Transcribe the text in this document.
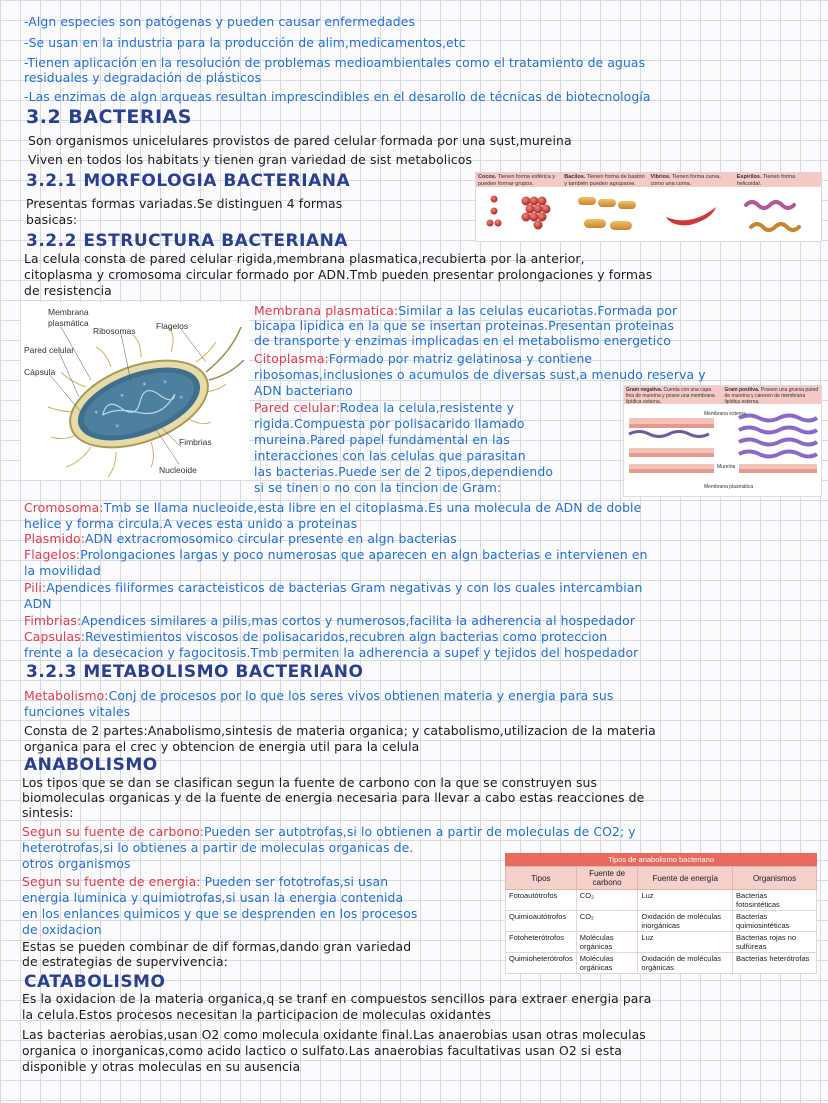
-Algn especies son patógenas y pueden causar enfermedades
-Se usan en la industria para la producción de alim,medicamentos,etc
-Tienen aplicación en la resolución de problemas medioambientales como el tratamiento de aguas
residuales y degradación de plásticos
-Las enzimas de algn arqueas resultan imprescindibles en el desarollo de técnicas de biotecnología
3.2 BACTERIAS
Son organismos unicelulares provistos de pared celular formada por una sust,mureina
Viven en todos los habitats y tienen gran variedad de sist metabolicos
3.2.1 MORFOLOGIA BACTERIANA
Presentas formas variadas.Se distinguen 4 formas
basicas:
Cocos. Tienen forma esférica y pueden formar grupos.
Bacilos. Tienen forma de bastón y también pueden agruparse.
Vibrios. Tienen forma curva, como una coma.
Espirilos. Tienen forma helicoidal.
3.2.2 ESTRUCTURA BACTERIANA
La celula consta de pared celular rigida,membrana plasmatica,recubierta por la anterior,
citoplasma y cromosoma circular formado por ADN.Tmb pueden presentar prolongaciones y formas
de resistencia
Membrana
plasmática
Ribosomas Flagelos
Pared celular
Cápsula
Fimbrias
Nucleoide
Membrana plasmatica:Similar a las celulas eucariotas.Formada por
bicapa lipidica en la que se insertan proteinas.Presentan proteinas
de transporte y enzimas implicadas en el metabolismo energetico
Citoplasma:Formado por matriz gelatinosa y contiene
ribosomas,inclusiones o acumulos de diversas sust,a menudo reserva y
ADN bacteriano
Pared celular:Rodea la celula,resistente y
rigida.Compuesta por polisacarido llamado
mureina.Pared papel fundamental en las
interacciones con las celulas que parasitan
las bacterias.Puede ser de 2 tipos,dependiendo
si se tinen o no con la tincion de Gram:
Gram negativa. Cuenta con una capa fina de mureína y posee una membrana lipídica externa.
Gram positiva. Poseen una gruesa pared de mureína y carecen de membrana lipídica externa.
Membrana externa
Mureína
Membrana plasmática
Cromosoma:Tmb se llama nucleoide,esta libre en el citoplasma.Es una molecula de ADN de doble
helice y forma circula.A veces esta unido a proteinas
Plasmido:ADN extracromosomico circular presente en algn bacterias
Flagelos:Prolongaciones largas y poco numerosas que aparecen en algn bacterias e intervienen en
la movilidad
Pili:Apendices filiformes caracteisticos de bacterias Gram negativas y con los cuales intercambian
ADN
Fimbrias:Apendices similares a pilis,mas cortos y numerosos,facilita la adherencia al hospedador
Capsulas:Revestimientos viscosos de polisacaridos,recubren algn bacterias como proteccion
frente a la desecacion y fagocitosis.Tmb permiten la adherencia a supef y tejidos del hospedador
3.2.3 METABOLISMO BACTERIANO
Metabolismo:Conj de procesos por lo que los seres vivos obtienen materia y energia para sus
funciones vitales
Consta de 2 partes:Anabolismo,sintesis de materia organica; y catabolismo,utilizacion de la materia
organica para el crec y obtencion de energia util para la celula
ANABOLISMO
Los tipos que se dan se clasifican segun la fuente de carbono con la que se construyen sus
biomoleculas organicas y de la fuente de energia necesaria para llevar a cabo estas reacciones de
sintesis:
Segun su fuente de carbono:Pueden ser autotrofas,si lo obtienen a partir de moleculas de CO2; y
heterotrofas,si lo obtienes a partir de moleculas organicas de.
otros organismos
Segun su fuente de energia: Pueden ser fototrofas,si usan
energia luminica y quimiotrofas,si usan la energia contenida
en los enlances quimicos y que se desprenden en los procesos
de oxidacion
Estas se pueden combinar de dif formas,dando gran variedad
de estrategias de supervivencia:
Tipos de anabolismo bacteriano
Tipos	Fuente de carbono	Fuente de energía	Organismos
Fotoautótrofos	CO₂	Luz	Bacterias fotosintéticas
Quimioautótrofos	CO₂	Oxidación de moléculas inorgánicas	Bacterias quimiosintéticas
Fotoheterótrofos	Moléculas orgánicas	Luz	Bacterias rojas no sulfúreas
Quimioheterótrofos	Moléculas orgánicas	Oxidación de moléculas orgánicas	Bacterias heterótrofas
CATABOLISMO
Es la oxidacion de la materia organica,q se tranf en compuestos sencillos para extraer energia para
la celula.Estos procesos necesitan la participacion de moleculas oxidantes
Las bacterias aerobias,usan O2 como molecula oxidante final.Las anaerobias usan otras moleculas
organica o inorganicas,como acido lactico o sulfato.Las anaerobias facultativas usan O2 si esta
disponible y otras moleculas en su ausencia
